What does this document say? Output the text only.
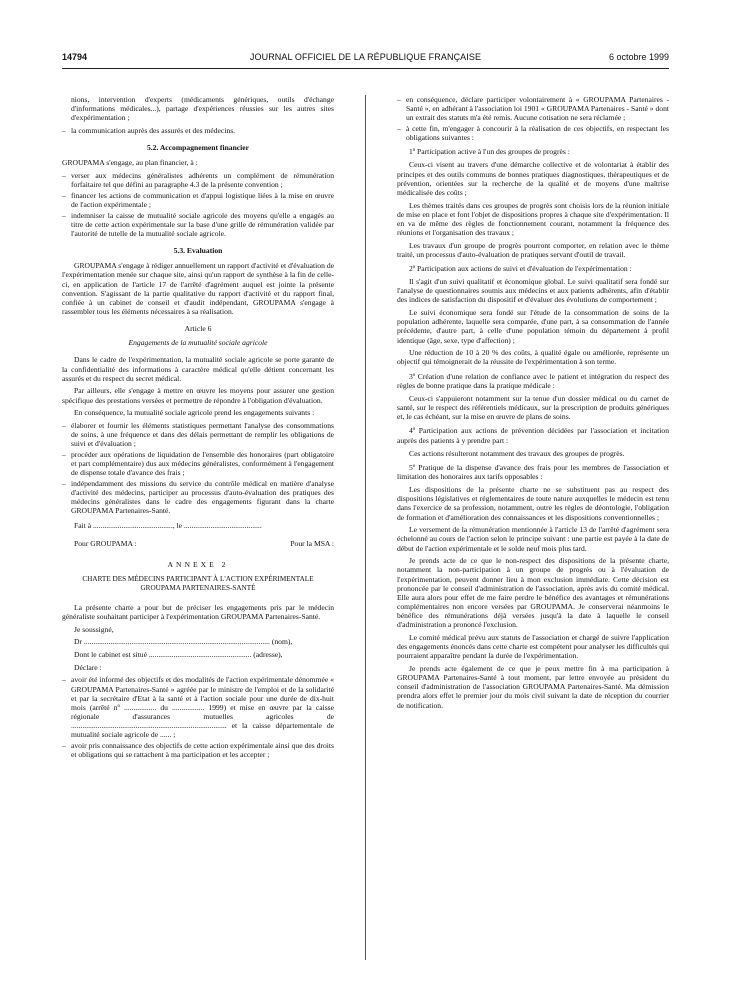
14794	JOURNAL OFFICIEL DE LA RÉPUBLIQUE FRANÇAISE	6 octobre 1999

nions, intervention d'experts (médicaments génériques, outils d'échange d'informations médicales...), partage d'expériences réussies sur les autres sites d'expérimentation ;

– la communication auprès des assurés et des médecins.
5.2. Accompagnement financier

GROUPAMA s'engage, au plan financier, à :

– verser aux médecins généralistes adhérents un complément de rémunération forfaitaire tel que défini au paragraphe 4.3 de la présente convention ;
– financer les actions de communication et d'appui logistique liées à la mise en œuvre de l'action expérimentale ;
– indemniser la caisse de mutualité sociale agricole des moyens qu'elle a engagés au titre de cette action expérimentale sur la base d'une grille de rémunération validée par l'autorité de tutelle de la mutualité sociale agricole.
5.3. Evaluation

GROUPAMA s'engage à rédiger annuellement un rapport d'activité et d'évaluation de l'expérimentation menée sur chaque site, ainsi qu'un rapport de synthèse à la fin de celle-ci, en application de l'article 17 de l'arrêté d'agrément auquel est jointe la présente convention. S'agissant de la partie qualitative du rapport d'activité et du rapport final, confiée à un cabinet de conseil et d'audit indépendant, GROUPAMA s'engage à rassembler tous les éléments nécessaires à sa réalisation.

Article 6
Engagements de la mutualité sociale agricole

Dans le cadre de l'expérimentation, la mutualité sociale agricole se porte garante de la confidentialité des informations à caractère médical qu'elle détient concernant les assurés et du respect du secret médical.

Par ailleurs, elle s'engage à mettre en œuvre les moyens pour assurer une gestion spécifique des prestations versées et permettre de répondre à l'obligation d'évaluation.

En conséquence, la mutualité sociale agricole prend les engagements suivants :

– élaborer et fournir les éléments statistiques permettant l'analyse des consommations de soins, à une fréquence et dans des délais permettant de remplir les obligations de suivi et d'évaluation ;
– procéder aux opérations de liquidation de l'ensemble des honoraires (part obligatoire et part complémentaire) dus aux médecins généralistes, conformément à l'engagement de dispense totale d'avance des frais ;
– indépendamment des missions du service du contrôle médical en matière d'analyse d'activité des médecins, participer au processus d'auto-évaluation des pratiques des médecins généralistes dans le cadre des engagements figurant dans la charte GROUPAMA Partenaires-Santé.

Fait à .........................................., le .........................................

Pour GROUPAMA :	Pour la MSA :
ANNEXE 2
CHARTE DES MÉDECINS PARTICIPANT À L'ACTION EXPÉRIMENTALE GROUPAMA PARTENAIRES-SANTÉ

La présente charte a pour but de préciser les engagements pris par le médecin généraliste souhaitant participer à l'expérimentation GROUPAMA Partenaires-Santé.

Je soussigné,

Dr .................................................................................................. (nom),

Dont le cabinet est situé ...................................................... (adresse),

Déclare :

– avoir été informé des objectifs et des modalités de l'action expérimentale dénommée « GROUPAMA Partenaires-Santé » agréée par le ministre de l'emploi et de la solidarité et par la secrétaire d'Etat à la santé et à l'action sociale pour une durée de dix-huit mois (arrêté nº ................. du ................. 1999) et mise en œuvre par la caisse régionale d'assurances mutuelles agricoles de .................................................................................. et la caisse départementale de mutualité sociale agricole de ...... ;
– avoir pris connaissance des objectifs de cette action expérimentale ainsi que des droits et obligations qui se rattachent à ma participation et les accepter ;
– en conséquence, déclare participer volontairement à « GROUPAMA Partenaires - Santé », en adhérant à l'association loi 1901 « GROUPAMA Partenaires - Santé » dont un extrait des statuts m'a été remis. Aucune cotisation ne sera réclamée ;
– à cette fin, m'engager à concourir à la réalisation de ces objectifs, en respectant les obligations suivantes :

1º Participation active à l'un des groupes de progrès :

Ceux-ci visent au travers d'une démarche collective et de volontariat à établir des principes et des outils communs de bonnes pratiques diagnostiques, thérapeutiques et de prévention, orientées sur la recherche de la qualité et de moyens d'une maîtrise médicalisée des coûts ;

Les thèmes traités dans ces groupes de progrès sont choisis lors de la réunion initiale de mise en place et font l'objet de dispositions propres à chaque site d'expérimentation. Il en va de même des règles de fonctionnement courant, notamment la fréquence des réunions et l'organisation des travaux ;

Les travaux d'un groupe de progrès pourront comporter, en relation avec le thème traité, un processus d'auto-évaluation de pratiques servant d'outil de travail.

2º Participation aux actions de suivi et d'évaluation de l'expérimentation :

Il s'agit d'un suivi qualitatif et économique global. Le suivi qualitatif sera fondé sur l'analyse de questionnaires soumis aux médecins et aux patients adhérents, afin d'établir des indices de satisfaction du dispositif et d'évaluer des évolutions de comportement ;

Le suivi économique sera fondé sur l'étude de la consommation de soins de la population adhérente, laquelle sera comparée, d'une part, à sa consommation de l'année précédente, d'autre part, à celle d'une population témoin du département à profil identique (âge, sexe, type d'affection) ;

Une réduction de 10 à 20 % des coûts, à qualité égale ou améliorée, représente un objectif qui témoignerait de la réussite de l'expérimentation à son terme.

3º Création d'une relation de confiance avec le patient et intégration du respect des règles de bonne pratique dans la pratique médicale :

Ceux-ci s'appuieront notamment sur la tenue d'un dossier médical ou du carnet de santé, sur le respect des référentiels médicaux, sur la prescription de produits génériques et, le cas échéant, sur la mise en œuvre de plans de soins.

4º Participation aux actions de prévention décidées par l'association et incitation auprès des patients à y prendre part :

Ces actions résulteront notamment des travaux des groupes de progrès.

5º Pratique de la dispense d'avance des frais pour les membres de l'association et limitation des honoraires aux tarifs opposables :

Les dispositions de la présente charte ne se substituent pas au respect des dispositions législatives et réglementaires de toute nature auxquelles le médecin est tenu dans l'exercice de sa profession, notamment, outre les règles de déontologie, l'obligation de formation et d'amélioration des connaissances et les dispositions conventionnelles ;

Le versement de la rémunération mentionnée à l'article 13 de l'arrêté d'agrément sera échelonné au cours de l'action selon le principe suivant : une partie est payée à la date de début de l'action expérimentale et le solde neuf mois plus tard.

Je prends acte de ce que le non-respect des dispositions de la présente charte, notamment la non-participation à un groupe de progrès ou à l'évaluation de l'expérimentation, peuvent donner lieu à mon exclusion immédiate. Cette décision est prononcée par le conseil d'administration de l'association, après avis du comité médical. Elle aura alors pour effet de me faire perdre le bénéfice des avantages et rémunérations complémentaires non encore versées par GROUPAMA. Je conserverai néanmoins le bénéfice des rémunérations déjà versées jusqu'à la date à laquelle le conseil d'administration a prononcé l'exclusion.

Le comité médical prévu aux statuts de l'association et chargé de suivre l'application des engagements énoncés dans cette charte est compétent pour analyser les difficultés qui pourraient apparaître pendant la durée de l'expérimentation.

Je prends acte également de ce que je peux mettre fin à ma participation à GROUPAMA Partenaires-Santé à tout moment, par lettre envoyée au président du conseil d'administration de l'association GROUPAMA Partenaires-Santé. Ma démission prendra alors effet le premier jour du mois civil suivant la date de réception du courrier de notification.
